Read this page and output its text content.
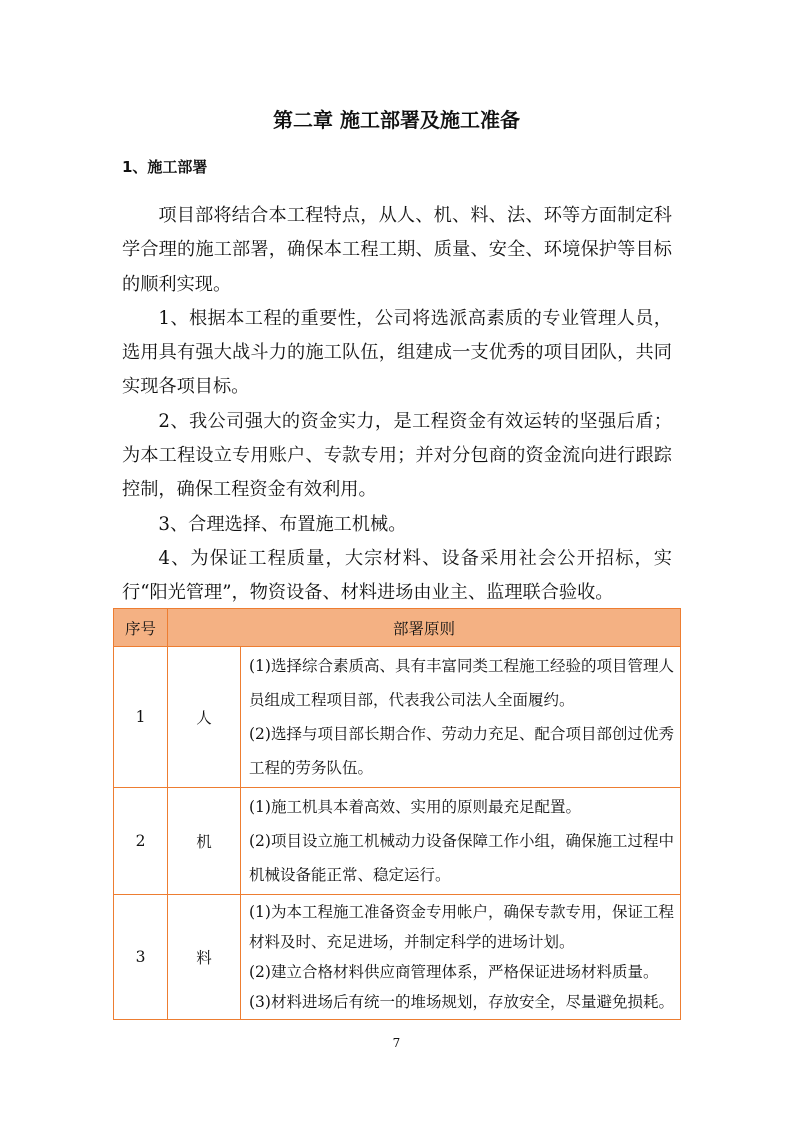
第二章 施工部署及施工准备
1、施工部署

项目部将结合本工程特点，从人、机、料、法、环等方面制定科学合理的施工部署，确保本工程工期、质量、安全、环境保护等目标的顺利实现。

1、根据本工程的重要性，公司将选派高素质的专业管理人员，选用具有强大战斗力的施工队伍，组建成一支优秀的项目团队，共同实现各项目标。

2、我公司强大的资金实力，是工程资金有效运转的坚强后盾；为本工程设立专用账户、专款专用；并对分包商的资金流向进行跟踪控制，确保工程资金有效利用。

3、合理选择、布置施工机械。

4、为保证工程质量，大宗材料、设备采用社会公开招标，实行“阳光管理”，物资设备、材料进场由业主、监理联合验收。

序号	部署原则	
1	人	(1)选择综合素质高、具有丰富同类工程施工经验的项目管理人员组成工程项目部，代表我公司法人全面履约。

(2)选择与项目部长期合作、劳动力充足、配合项目部创过优秀工程的劳务队伍。

2	机	(1)施工机具本着高效、实用的原则最充足配置。

(2)项目设立施工机械动力设备保障工作小组，确保施工过程中机械设备能正常、稳定运行。

3	料	(1)为本工程施工准备资金专用帐户，确保专款专用，保证工程材料及时、充足进场，并制定科学的进场计划。

(2)建立合格材料供应商管理体系，严格保证进场材料质量。

(3)材料进场后有统一的堆场规划，存放安全，尽量避免损耗。

7
